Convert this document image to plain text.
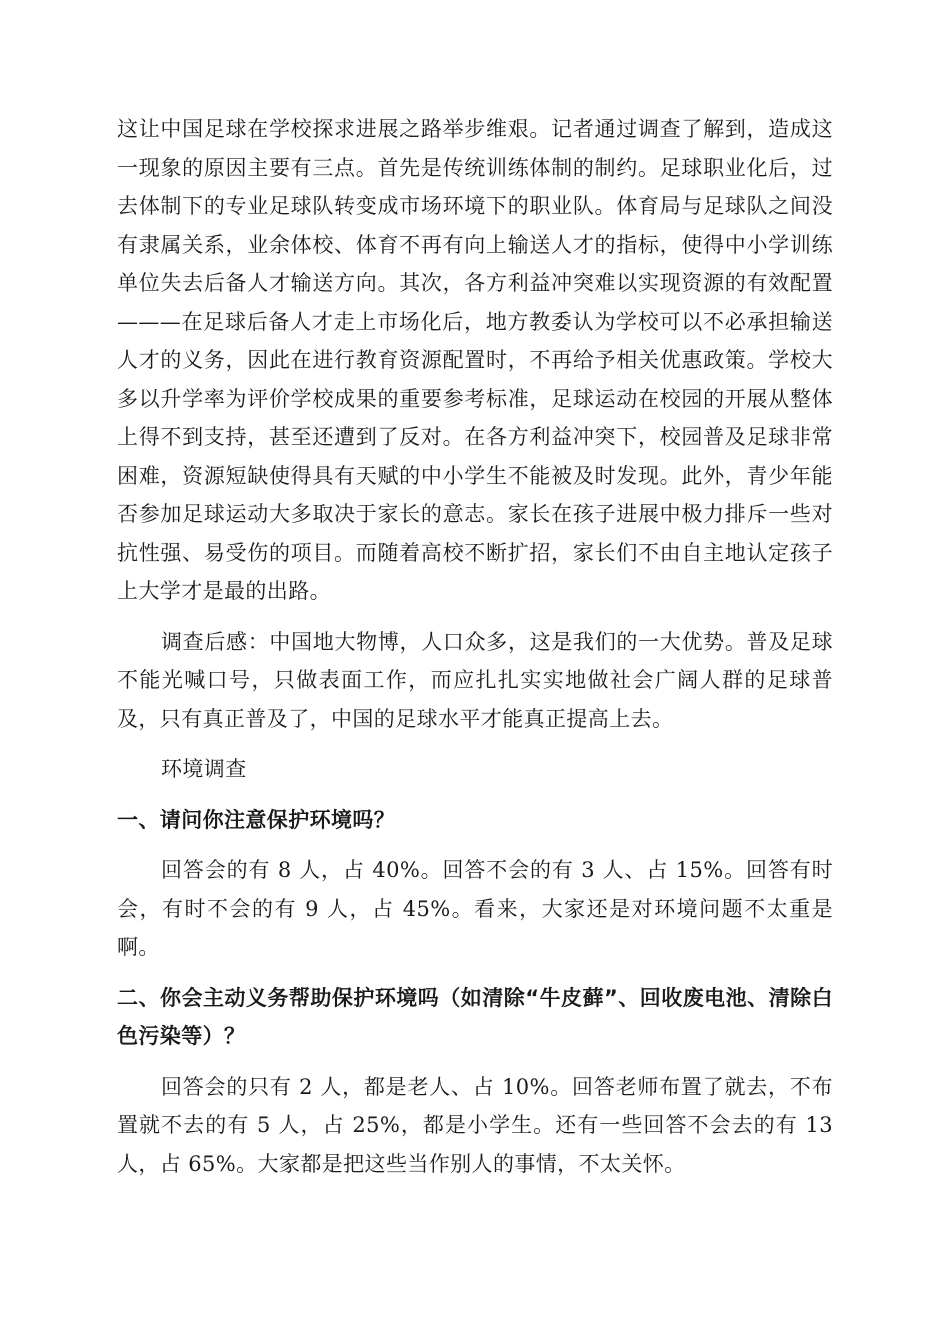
这让中国足球在学校探求进展之路举步维艰。记者通过调查了解到，造成这一现象的原因主要有三点。首先是传统训练体制的制约。足球职业化后，过去体制下的专业足球队转变成市场环境下的职业队。体育局与足球队之间没有隶属关系，业余体校、体育不再有向上输送人才的指标，使得中小学训练单位失去后备人才输送方向。其次，各方利益冲突难以实现资源的有效配置———在足球后备人才走上市场化后，地方教委认为学校可以不必承担输送人才的义务，因此在进行教育资源配置时，不再给予相关优惠政策。学校大多以升学率为评价学校成果的重要参考标准，足球运动在校园的开展从整体上得不到支持，甚至还遭到了反对。在各方利益冲突下，校园普及足球非常困难，资源短缺使得具有天赋的中小学生不能被及时发现。此外，青少年能否参加足球运动大多取决于家长的意志。家长在孩子进展中极力排斥一些对抗性强、易受伤的项目。而随着高校不断扩招，家长们不由自主地认定孩子上大学才是最的出路。

调查后感：中国地大物博，人口众多，这是我们的一大优势。普及足球不能光喊口号，只做表面工作，而应扎扎实实地做社会广阔人群的足球普及，只有真正普及了，中国的足球水平才能真正提高上去。

环境调查

一、请问你注意保护环境吗？

回答会的有 8 人，占 40%。回答不会的有 3 人、占 15%。回答有时会，有时不会的有 9 人，占 45%。看来，大家还是对环境问题不太重是啊。

二、你会主动义务帮助保护环境吗（如清除“牛皮藓”、回收废电池、清除白色污染等）？

回答会的只有 2 人，都是老人、占 10%。回答老师布置了就去，不布置就不去的有 5 人，占 25%，都是小学生。还有一些回答不会去的有 13 人，占 65%。大家都是把这些当作别人的事情，不太关怀。
